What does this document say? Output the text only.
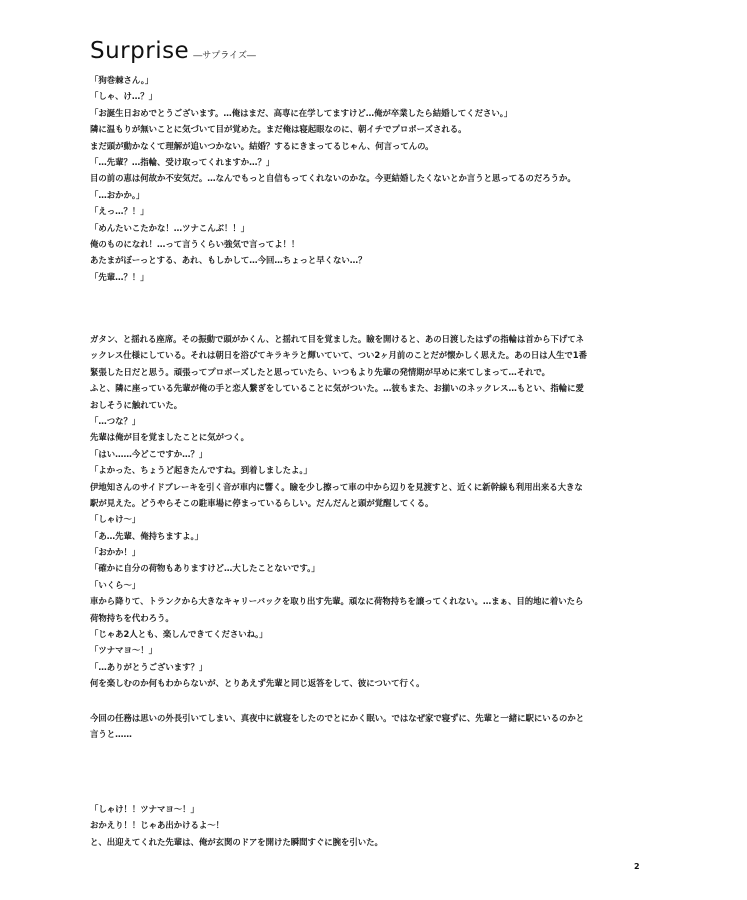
Surprise ―サプライズ―
「狗巻棘さん。」
「しゃ、け…？」
「お誕生日おめでとうございます。…俺はまだ、高専に在学してますけど…俺が卒業したら結婚してください。」
隣に温もりが無いことに気づいて目が覚めた。まだ俺は寝起眼なのに、朝イチでプロポーズされる。
まだ頭が動かなくて理解が追いつかない。結婚？するにきまってるじゃん、何言ってんの。
「…先輩？…指輪、受け取ってくれますか…？」
目の前の恵は何故か不安気だ。…なんでもっと自信もってくれないのかな。今更結婚したくないとか言うと思ってるのだろうか。
「…おかか。」
「えっ…？！」
「めんたいこたかな！…ツナこんぶ！！」
俺のものになれ！…って言うくらい強気で言ってよ！！
あたまがぼーっとする、あれ、もしかして…今回…ちょっと早くない…？
「先輩…？！」
ガタン、と揺れる座席。その振動で頭がかくん、と揺れて目を覚ました。瞼を開けると、あの日渡したはずの指輪は首から下げてネ
ックレス仕様にしている。それは朝日を浴びてキラキラと輝いていて、つい2ヶ月前のことだが懐かしく思えた。あの日は人生で1番
緊張した日だと思う。頑張ってプロポーズしたと思っていたら、いつもより先輩の発情期が早めに来てしまって…それで。
ふと、隣に座っている先輩が俺の手と恋人繋ぎをしていることに気がついた。…彼もまた、お揃いのネックレス…もとい、指輪に愛
おしそうに触れていた。
「…つな？」
先輩は俺が目を覚ましたことに気がつく。
「はい……今どこですか…？」
「よかった、ちょうど起きたんですね。到着しましたよ。」
伊地知さんのサイドブレーキを引く音が車内に響く。瞼を少し擦って車の中から辺りを見渡すと、近くに新幹線も利用出来る大きな
駅が見えた。どうやらそこの駐車場に停まっているらしい。だんだんと頭が覚醒してくる。
「しゃけ〜」
「あ…先輩、俺持ちますよ。」
「おかか！」
「確かに自分の荷物もありますけど…大したことないです。」
「いくら〜」
車から降りて、トランクから大きなキャリーバックを取り出す先輩。頑なに荷物持ちを譲ってくれない。…まぁ、目的地に着いたら
荷物持ちを代わろう。
「じゃあ2人とも、楽しんできてくださいね。」
「ツナマヨ〜！」
「…ありがとうございます？」
何を楽しむのか何もわからないが、とりあえず先輩と同じ返答をして、彼について行く。
今回の任務は思いの外長引いてしまい、真夜中に就寝をしたのでとにかく眠い。ではなぜ家で寝ずに、先輩と一緒に駅にいるのかと
言うと……
「しゃけ！！ツナマヨ〜！」
おかえり！！じゃあ出かけるよ〜！
と、出迎えてくれた先輩は、俺が玄関のドアを開けた瞬間すぐに腕を引いた。
2
